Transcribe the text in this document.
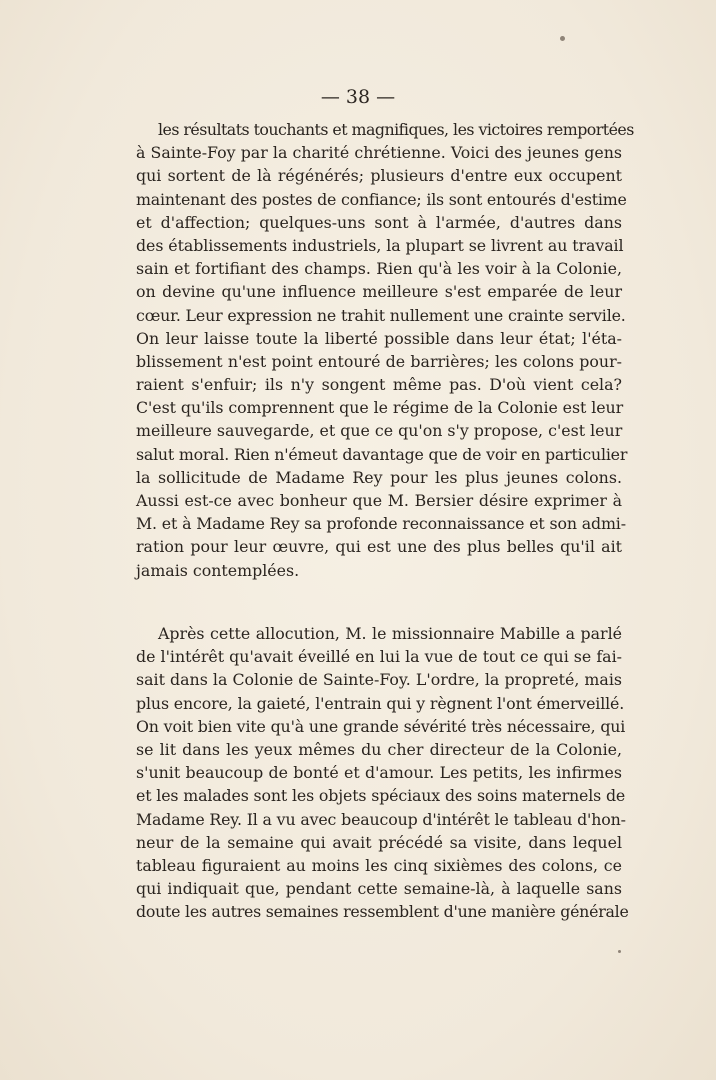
— 38 —
les résultats touchants et magnifiques, les victoires remportées
à Sainte-Foy par la charité chrétienne. Voici des jeunes gens
qui sortent de là régénérés; plusieurs d'entre eux occupent
maintenant des postes de confiance; ils sont entourés d'estime
et d'affection; quelques-uns sont à l'armée, d'autres dans
des établissements industriels, la plupart se livrent au travail
sain et fortifiant des champs. Rien qu'à les voir à la Colonie,
on devine qu'une influence meilleure s'est emparée de leur
cœur. Leur expression ne trahit nullement une crainte servile.
On leur laisse toute la liberté possible dans leur état; l'éta-
blissement n'est point entouré de barrières; les colons pour-
raient s'enfuir; ils n'y songent même pas. D'où vient cela?
C'est qu'ils comprennent que le régime de la Colonie est leur
meilleure sauvegarde, et que ce qu'on s'y propose, c'est leur
salut moral. Rien n'émeut davantage que de voir en particulier
la sollicitude de Madame Rey pour les plus jeunes colons.
Aussi est-ce avec bonheur que M. Bersier désire exprimer à
M. et à Madame Rey sa profonde reconnaissance et son admi-
ration pour leur œuvre, qui est une des plus belles qu'il ait
jamais contemplées.
Après cette allocution, M. le missionnaire Mabille a parlé
de l'intérêt qu'avait éveillé en lui la vue de tout ce qui se fai-
sait dans la Colonie de Sainte-Foy. L'ordre, la propreté, mais
plus encore, la gaieté, l'entrain qui y règnent l'ont émerveillé.
On voit bien vite qu'à une grande sévérité très nécessaire, qui
se lit dans les yeux mêmes du cher directeur de la Colonie,
s'unit beaucoup de bonté et d'amour. Les petits, les infirmes
et les malades sont les objets spéciaux des soins maternels de
Madame Rey. Il a vu avec beaucoup d'intérêt le tableau d'hon-
neur de la semaine qui avait précédé sa visite, dans lequel
tableau figuraient au moins les cinq sixièmes des colons, ce
qui indiquait que, pendant cette semaine-là, à laquelle sans
doute les autres semaines ressemblent d'une manière générale
